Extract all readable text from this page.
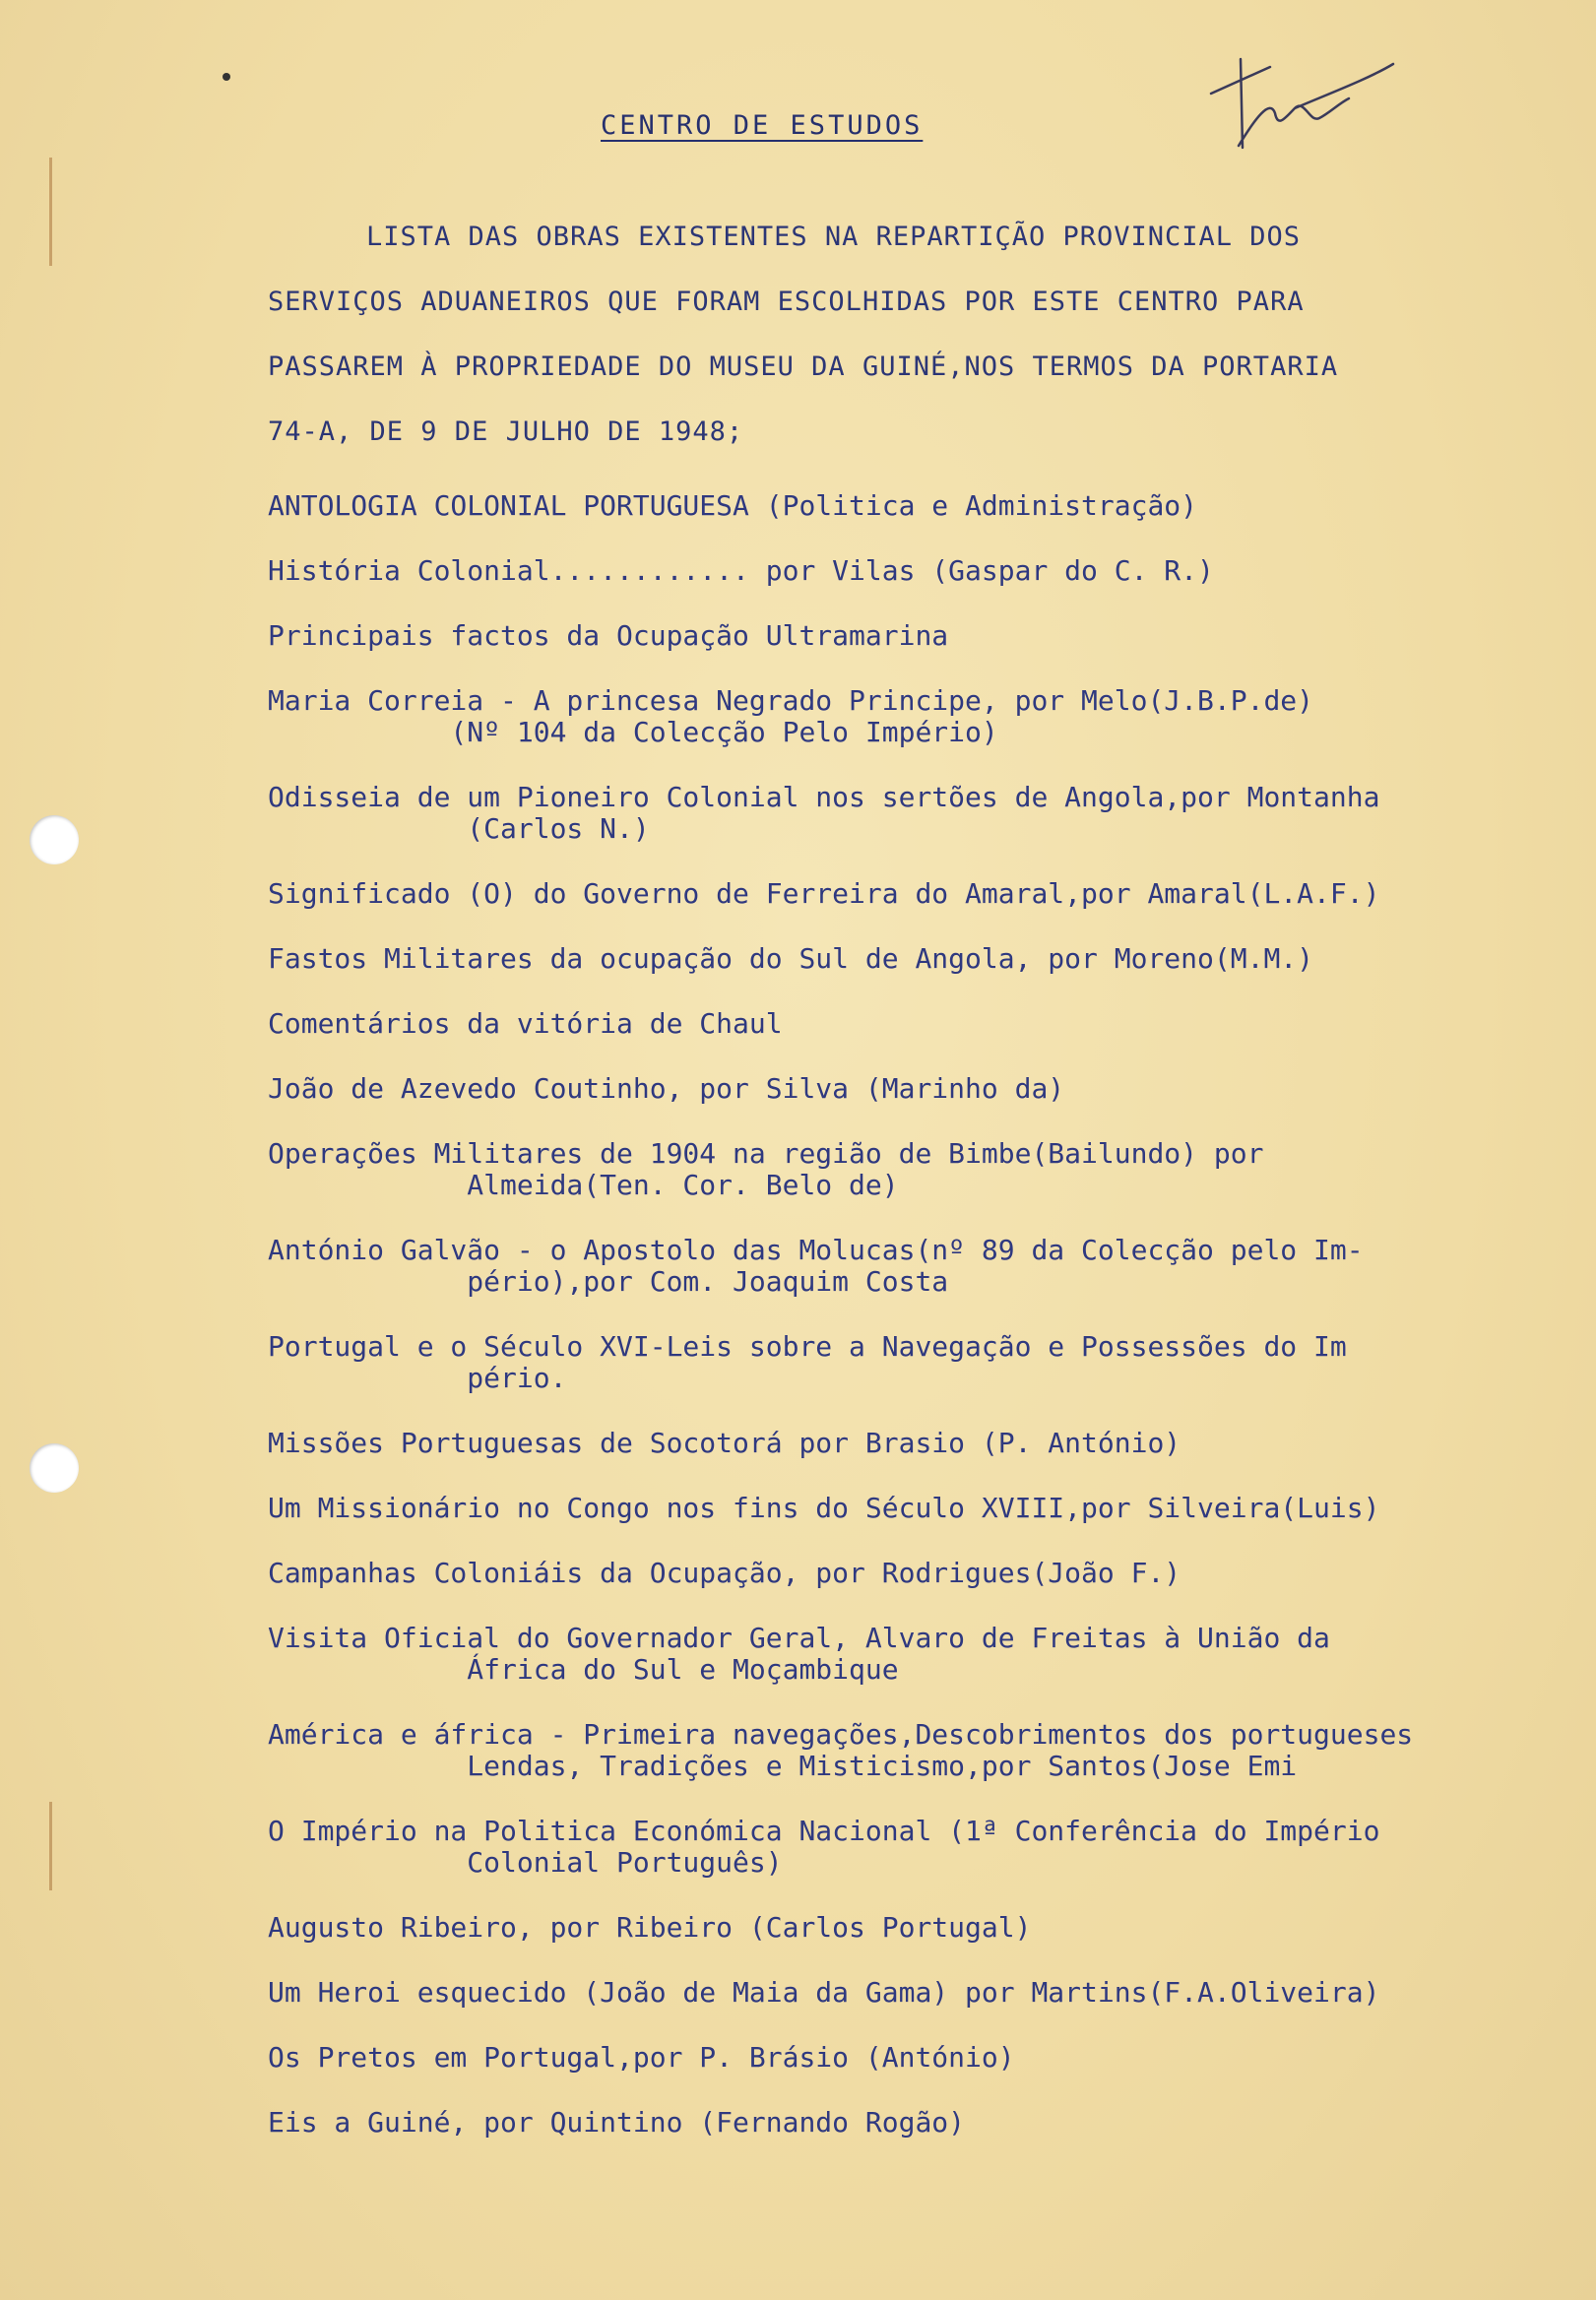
CENTRO DE ESTUDOS
LISTA DAS OBRAS EXISTENTES NA REPARTIÇÃO PROVINCIAL DOS
SERVIÇOS ADUANEIROS QUE FORAM ESCOLHIDAS POR ESTE CENTRO PARA
PASSAREM À PROPRIEDADE DO MUSEU DA GUINÉ,NOS TERMOS DA PORTARIA
74-A, DE 9 DE JULHO DE 1948;
ANTOLOGIA COLONIAL PORTUGUESA (Politica e Administração)
História Colonial............ por Vilas (Gaspar do C. R.)
Principais factos da Ocupação Ultramarina
Maria Correia - A princesa Negrado Principe, por Melo(J.B.P.de)
(Nº 104 da Colecção Pelo Império)
Odisseia de um Pioneiro Colonial nos sertões de Angola,por Montanha
(Carlos N.)
Significado (O) do Governo de Ferreira do Amaral,por Amaral(L.A.F.)
Fastos Militares da ocupação do Sul de Angola, por Moreno(M.M.)
Comentários da vitória de Chaul
João de Azevedo Coutinho, por Silva (Marinho da)
Operações Militares de 1904 na região de Bimbe(Bailundo) por
Almeida(Ten. Cor. Belo de)
António Galvão - o Apostolo das Molucas(nº 89 da Colecção pelo Im-
pério),por Com. Joaquim Costa
Portugal e o Século XVI-Leis sobre a Navegação e Possessões do Im
pério.
Missões Portuguesas de Socotorá por Brasio (P. António)
Um Missionário no Congo nos fins do Século XVIII,por Silveira(Luis)
Campanhas Coloniáis da Ocupação, por Rodrigues(João F.)
Visita Oficial do Governador Geral, Alvaro de Freitas à União da
África do Sul e Moçambique
América e áfrica - Primeira navegações,Descobrimentos dos portugueses
Lendas, Tradições e Misticismo,por Santos(Jose Emi
O Império na Politica Económica Nacional (1ª Conferência do Império
Colonial Português)
Augusto Ribeiro, por Ribeiro (Carlos Portugal)
Um Heroi esquecido (João de Maia da Gama) por Martins(F.A.Oliveira)
Os Pretos em Portugal,por P. Brásio (António)
Eis a Guiné, por Quintino (Fernando Rogão)
